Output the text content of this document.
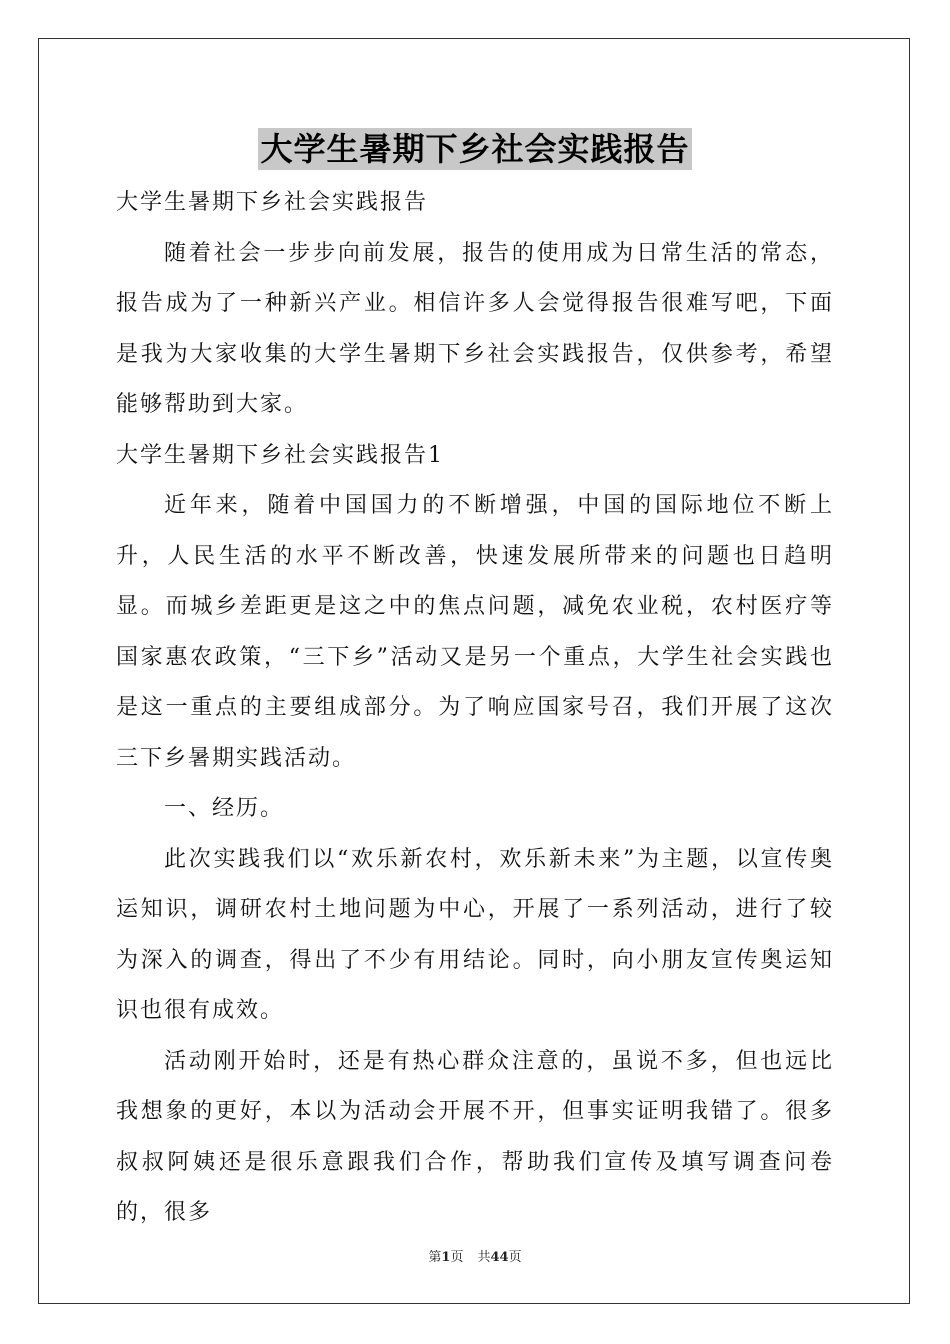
大学生暑期下乡社会实践报告

大学生暑期下乡社会实践报告

随着社会一步步向前发展，报告的使用成为日常生活的常态，报告成为了一种新兴产业。相信许多人会觉得报告很难写吧，下面是我为大家收集的大学生暑期下乡社会实践报告，仅供参考，希望能够帮助到大家。

大学生暑期下乡社会实践报告1

近年来，随着中国国力的不断增强，中国的国际地位不断上升，人民生活的水平不断改善，快速发展所带来的问题也日趋明显。而城乡差距更是这之中的焦点问题，减免农业税，农村医疗等国家惠农政策，“三下乡”活动又是另一个重点，大学生社会实践也是这一重点的主要组成部分。为了响应国家号召，我们开展了这次三下乡暑期实践活动。

一、经历。

此次实践我们以“欢乐新农村，欢乐新未来”为主题，以宣传奥运知识，调研农村土地问题为中心，开展了一系列活动，进行了较为深入的调查，得出了不少有用结论。同时，向小朋友宣传奥运知识也很有成效。

活动刚开始时，还是有热心群众注意的，虽说不多，但也远比我想象的更好，本以为活动会开展不开，但事实证明我错了。很多叔叔阿姨还是很乐意跟我们合作，帮助我们宣传及填写调查问卷的，很多

第1页 共44页
